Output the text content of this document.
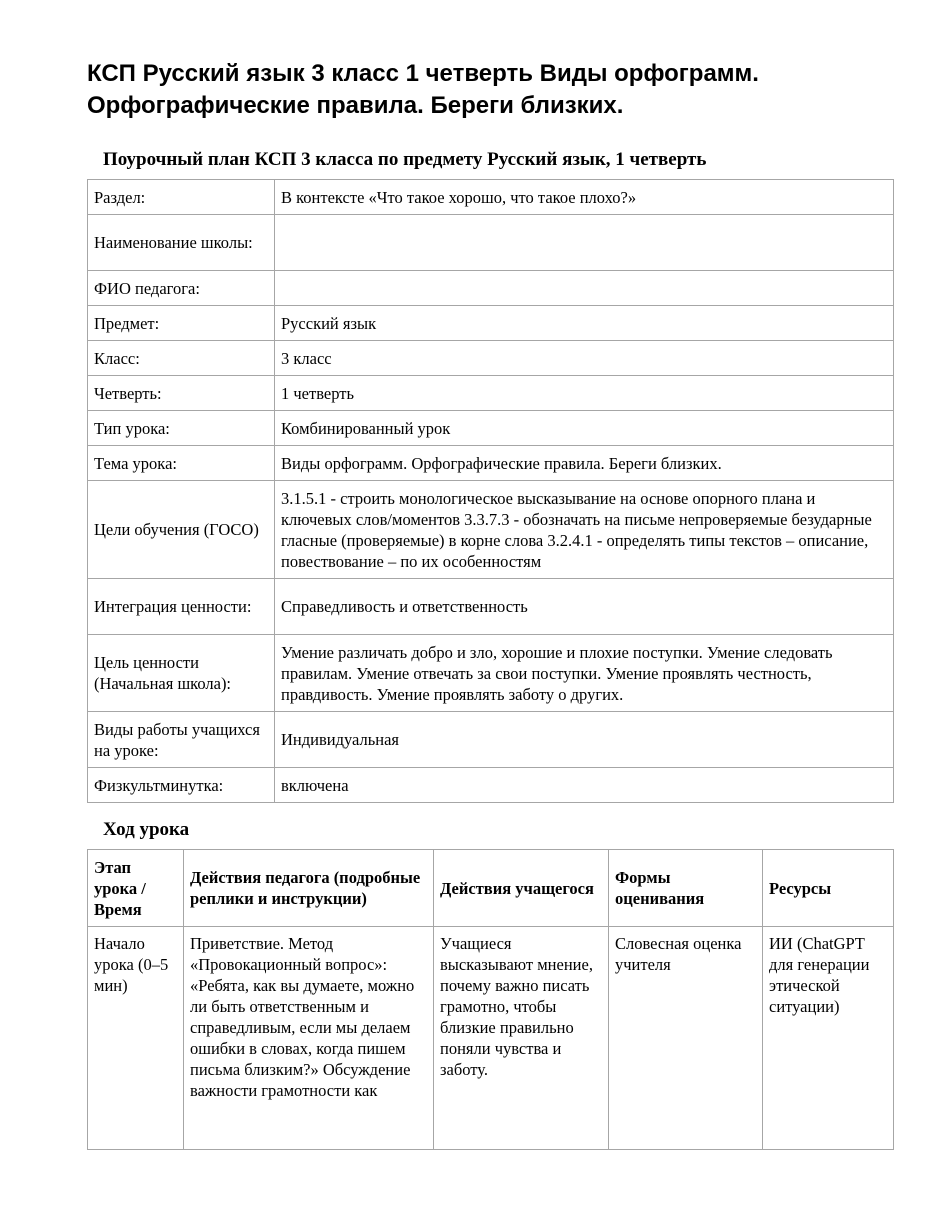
КСП Русский язык 3 класс 1 четверть Виды орфограмм. Орфографические правила. Береги близких.
Поурочный план КСП 3 класса по предмету Русский язык, 1 четверть
Раздел:	В контексте «Что такое хорошо, что такое плохо?»
Наименование школы:	
ФИО педагога:	
Предмет:	Русский язык
Класс:	3 класс
Четверть:	1 четверть
Тип урока:	Комбинированный урок
Тема урока:	Виды орфограмм. Орфографические правила. Береги близких.
Цели обучения (ГОСО)	3.1.5.1 - строить монологическое высказывание на основе опорного плана и ключевых слов/моментов 3.3.7.3 - обозначать на письме непроверяемые безударные гласные (проверяемые) в корне слова 3.2.4.1 - определять типы текстов – описание, повествование – по их особенностям
Интеграция ценности:	Справедливость и ответственность
Цель ценности (Начальная школа):	Умение различать добро и зло, хорошие и плохие поступки. Умение следовать правилам. Умение отвечать за свои поступки. Умение проявлять честность, правдивость. Умение проявлять заботу о других.
Виды работы учащихся на уроке:	Индивидуальная
Физкультминутка:	включена
Ход урока
Этап урока / Время	Действия педагога (подробные реплики и инструкции)	Действия учащегося	Формы оценивания	Ресурсы
Начало урока (0–5 мин)	Приветствие. Метод «Провокационный вопрос»: «Ребята, как вы думаете, можно ли быть ответственным и справедливым, если мы делаем ошибки в словах, когда пишем письма близким?» Обсуждение важности грамотности как	Учащиеся высказывают мнение, почему важно писать грамотно, чтобы близкие правильно поняли чувства и заботу.	Словесная оценка учителя	ИИ (ChatGPT для генерации этической ситуации)
